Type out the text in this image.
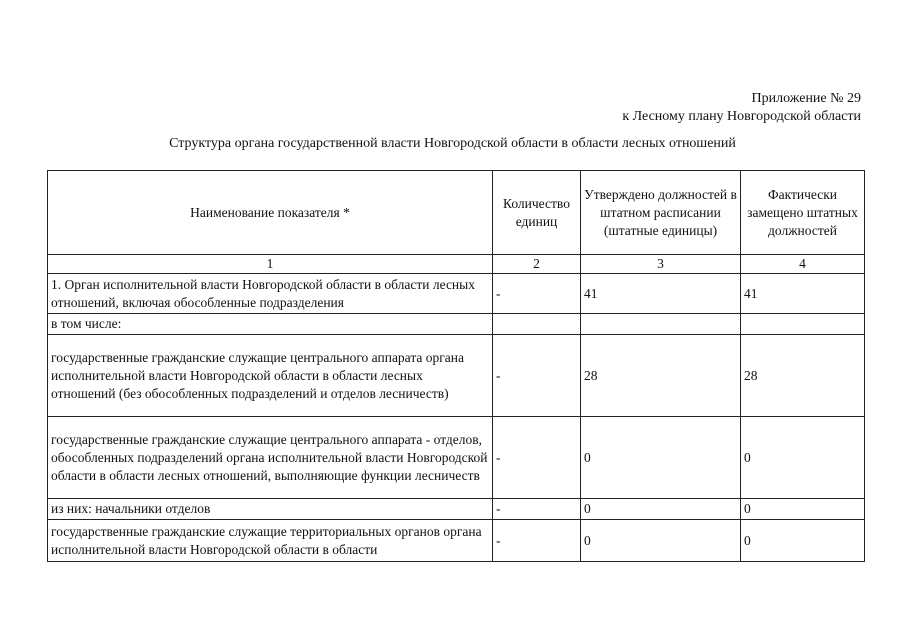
Приложение № 29
к Лесному плану Новгородской области
Структура органа государственной власти Новгородской области в области лесных отношений
Наименование показателя *	Количество единиц	Утверждено должностей в штатном расписании (штатные единицы)	Фактически замещено штатных должностей
1	2	3	4
1. Орган исполнительной власти Новгородской области в области лесных отношений, включая обособленные подразделения	-	41	41
в том числе:			
государственные гражданские служащие центрального аппарата органа исполнительной власти Новгородской области в области лесных отношений (без обособленных подразделений и отделов лесничеств)	-	28	28
государственные гражданские служащие центрального аппарата - отделов, обособленных подразделений органа исполнительной власти Новгородской области в области лесных отношений, выполняющие функции лесничеств	-	0	0
из них: начальники отделов	-	0	0
государственные гражданские служащие территориальных органов органа исполнительной власти Новгородской области в области	-	0	0
